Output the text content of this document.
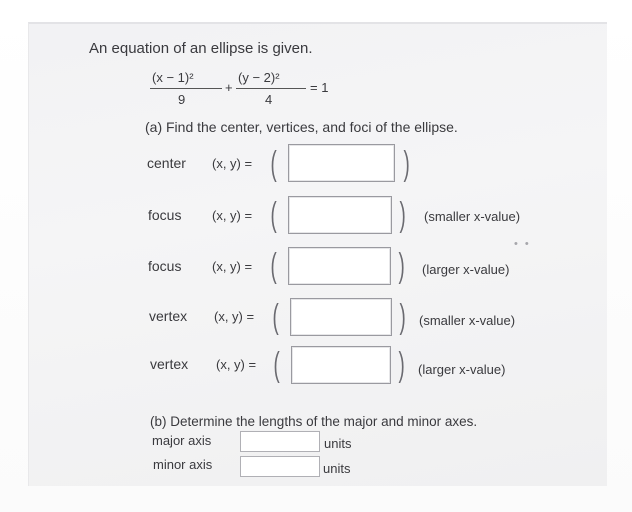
An equation of an ellipse is given.
(x − 1)²
9
+
(y − 2)²
4
= 1
(a) Find the center, vertices, and foci of the ellipse.
center (x, y) = (	)
focus (x, y) = (	) (smaller x-value)
focus (x, y) = (	) (larger x-value)
• •
vertex (x, y) = (	) (smaller x-value)
vertex (x, y) = (	) (larger x-value)
(b) Determine the lengths of the major and minor axes.
major axis	units
minor axis	units
